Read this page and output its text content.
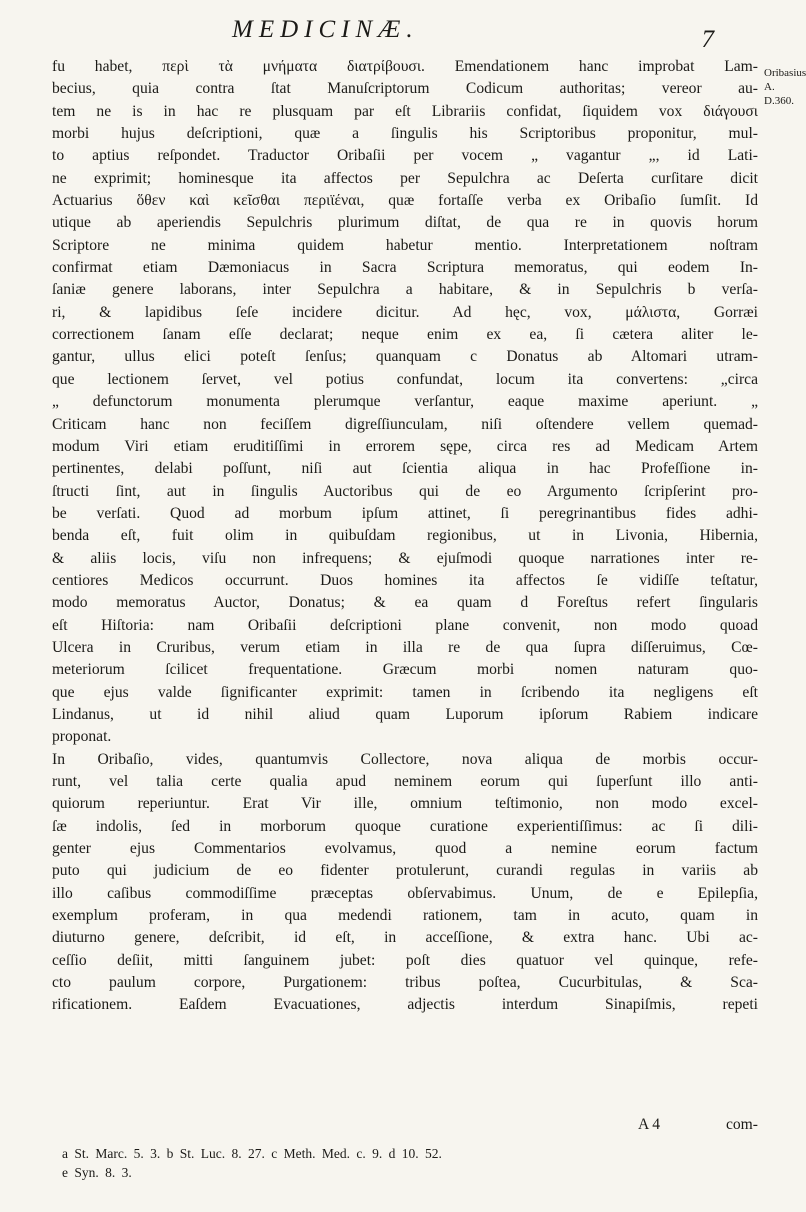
MEDICINÆ.	7
Oribasius A.
D.360.
fu habet, περὶ τὰ μνήματα διατρίβουσι. Emendationem hanc improbat Lam-
becius, quia contra ſtat Manuſcriptorum Codicum authoritas; vereor au-
tem ne is in hac re plusquam par eſt Librariis confidat, ſiquidem vox διάγουσι
morbi hujus deſcriptioni, quæ a ſingulis his Scriptoribus proponitur, mul-
to aptius reſpondet. Traductor Oribaſii per vocem „ vagantur „, id Lati-
ne exprimit; hominesque ita affectos per Sepulchra ac Deſerta curſitare dicit
Actuarius ὅθεν καὶ κεῖσθαι περιϊέναι, quæ fortaſſe verba ex Oribaſio ſumſit. Id
utique ab aperiendis Sepulchris plurimum diſtat, de qua re in quovis horum
Scriptore ne minima quidem habetur mentio. Interpretationem noſtram
confirmat etiam Dæmoniacus in Sacra Scriptura memoratus, qui eodem In-
ſaniæ genere laborans, inter Sepulchra a habitare, & in Sepulchris b verſa-
ri, & lapidibus ſeſe incidere dicitur. Ad hęc, vox, μάλιστα, Gorræi
correctionem ſanam eſſe declarat; neque enim ex ea, ſi cætera aliter le-
gantur, ullus elici poteſt ſenſus; quanquam c Donatus ab Altomari utram-
que lectionem ſervet, vel potius confundat, locum ita convertens: „circa
„ defunctorum monumenta plerumque verſantur, eaque maxime aperiunt. „
Criticam hanc non feciſſem digreſſiunculam, niſi oſtendere vellem quemad-
modum Viri etiam eruditiſſimi in errorem sępe, circa res ad Medicam Artem
pertinentes, delabi poſſunt, niſi aut ſcientia aliqua in hac Profeſſione in-
ſtructi ſint, aut in ſingulis Auctoribus qui de eo Argumento ſcripſerint pro-
be verſati. Quod ad morbum ipſum attinet, ſi peregrinantibus fides adhi-
benda eſt, fuit olim in quibuſdam regionibus, ut in Livonia, Hibernia,
& aliis locis, viſu non infrequens; & ejuſmodi quoque narrationes inter re-
centiores Medicos occurrunt. Duos homines ita affectos ſe vidiſſe teſtatur,
modo memoratus Auctor, Donatus; & ea quam d Foreſtus refert ſingularis
eſt Hiſtoria: nam Oribaſii deſcriptioni plane convenit, non modo quoad
Ulcera in Cruribus, verum etiam in illa re de qua ſupra diſſeruimus, Cœ-
meteriorum ſcilicet frequentatione. Græcum morbi nomen naturam quo-
que ejus valde ſignificanter exprimit: tamen in ſcribendo ita negligens eſt
Lindanus, ut id nihil aliud quam Luporum ipſorum Rabiem indicare
proponat.
In Oribaſio, vides, quantumvis Collectore, nova aliqua de morbis occur-
runt, vel talia certe qualia apud neminem eorum qui ſuperſunt illo anti-
quiorum reperiuntur. Erat Vir ille, omnium teſtimonio, non modo excel-
ſæ indolis, ſed in morborum quoque curatione experientiſſimus: ac ſi dili-
genter ejus Commentarios evolvamus, quod a nemine eorum factum
puto qui judicium de eo fidenter protulerunt, curandi regulas in variis ab
illo caſibus commodiſſime præceptas obſervabimus. Unum, de e Epilepſia,
exemplum proferam, in qua medendi rationem, tam in acuto, quam in
diuturno genere, deſcribit, id eſt, in acceſſione, & extra hanc. Ubi ac-
ceſſio deſiit, mitti ſanguinem jubet: poſt dies quatuor vel quinque, refe-
cto paulum corpore, Purgationem: tribus poſtea, Cucurbitulas, & Sca-
rificationem. Eaſdem Evacuationes, adjectis interdum Sinapiſmis, repeti
A 4	com-
a St. Marc. 5. 3. b St. Luc. 8. 27. c Meth. Med. c. 9. d 10. 52.
e Syn. 8. 3.
